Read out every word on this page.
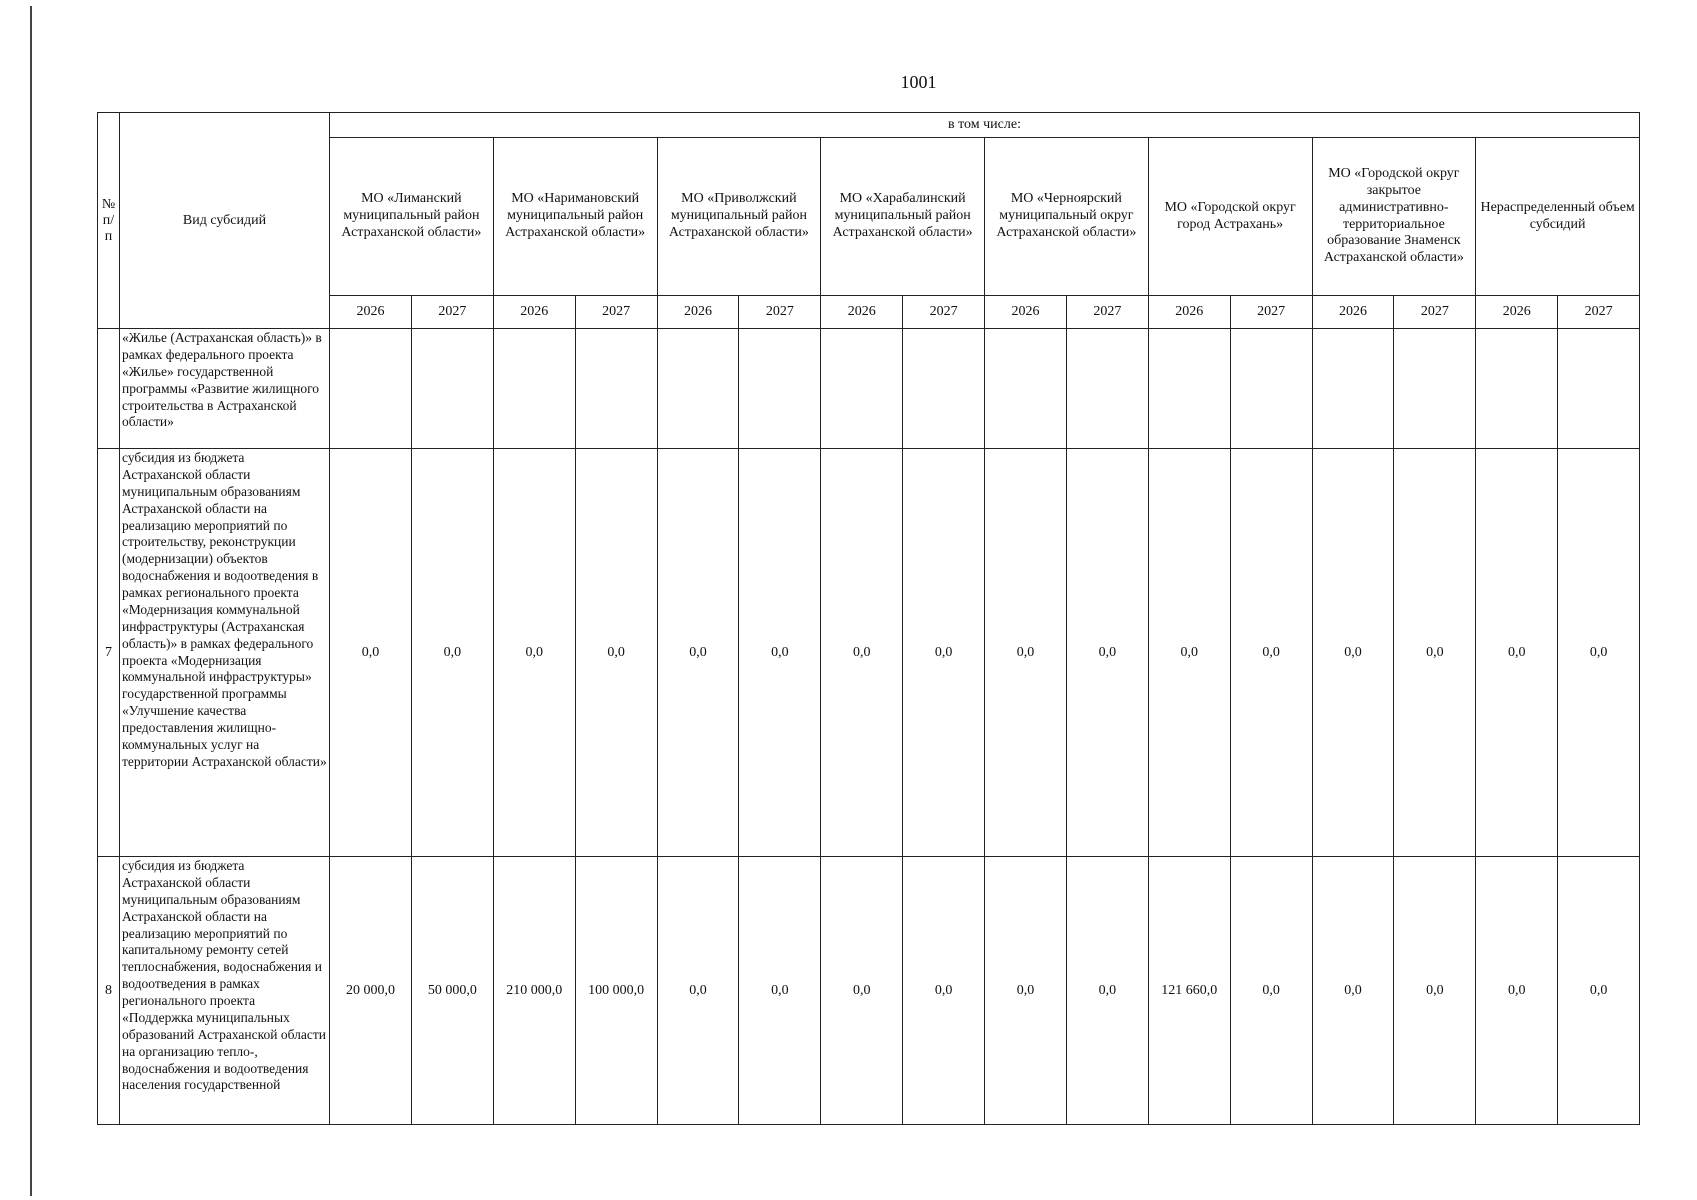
1001
№ п/п	Вид субсидий	в том числе:															
		МО «Лиманский муниципальный район Астраханской области»		МО «Наримановский муниципальный район Астраханской области»		МО «Приволжский муниципальный район Астраханской области»		МО «Харабалинский муниципальный район Астраханской области»		МО «Черноярский муниципальный округ Астраханской области»		МО «Городской округ город Астрахань»		МО «Городской округ закрытое административно-территориальное образование Знаменск Астраханской области»		Нераспределенный объем субсидий	
		2026	2027	2026	2027	2026	2027	2026	2027	2026	2027	2026	2027	2026	2027	2026	2027
	«Жилье (Астраханская область)» в рамках федерального проекта «Жилье» государственной программы «Развитие жилищного строительства в Астраханской области»																
7	субсидия из бюджета Астраханской области муниципальным образованиям Астраханской области на реализацию мероприятий по строительству, реконструкции (модернизации) объектов водоснабжения и водоотведения в рамках регионального проекта «Модернизация коммунальной инфраструктуры (Астраханская область)» в рамках федерального проекта «Модернизация коммунальной инфраструктуры» государственной программы «Улучшение качества предоставления жилищно-коммунальных услуг на территории Астраханской области»	0,0	0,0	0,0	0,0	0,0	0,0	0,0	0,0	0,0	0,0	0,0	0,0	0,0	0,0	0,0	0,0
8	субсидия из бюджета Астраханской области муниципальным образованиям Астраханской области на реализацию мероприятий по капитальному ремонту сетей теплоснабжения, водоснабжения и водоотведения в рамках регионального проекта «Поддержка муниципальных образований Астраханской области на организацию тепло-, водоснабжения и водоотведения населения государственной	20 000,0	50 000,0	210 000,0	100 000,0	0,0	0,0	0,0	0,0	0,0	0,0	121 660,0	0,0	0,0	0,0	0,0	0,0
